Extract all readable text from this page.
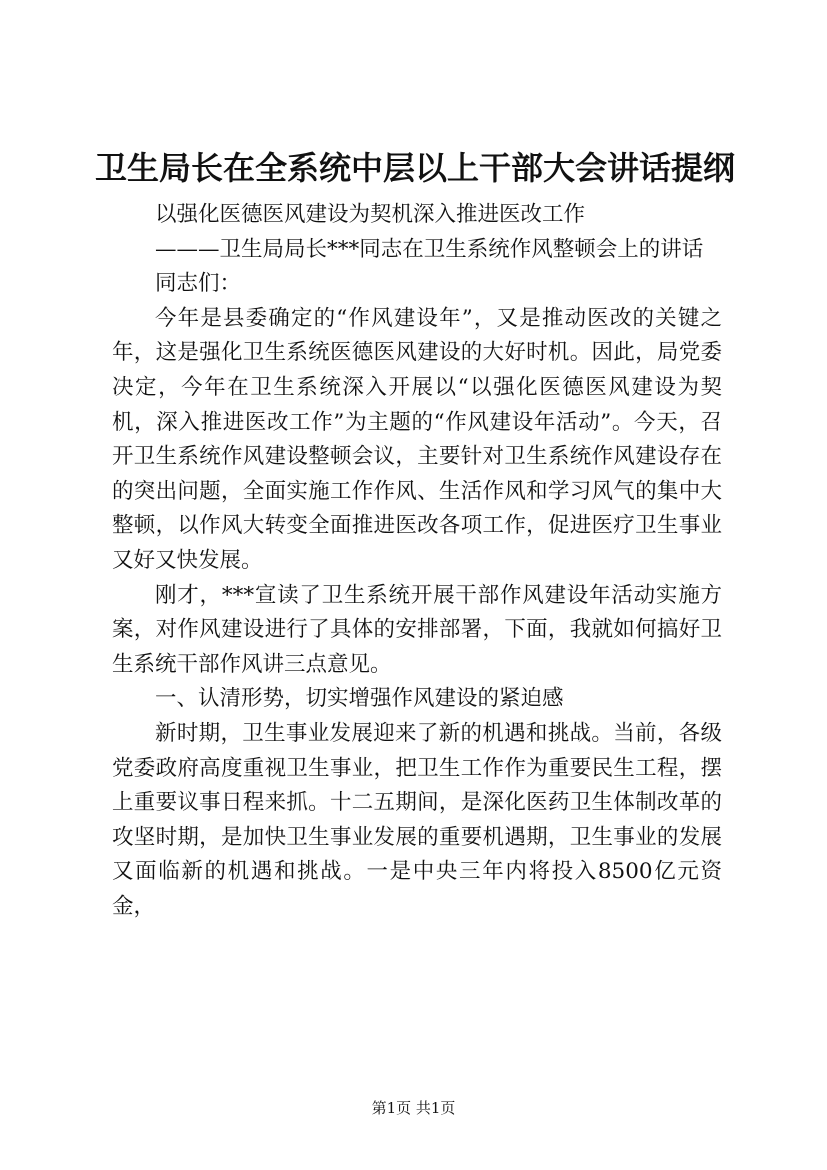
卫生局长在全系统中层以上干部大会讲话提纲

以强化医德医风建设为契机深入推进医改工作

———卫生局局长***同志在卫生系统作风整顿会上的讲话

同志们：

今年是县委确定的“作风建设年”，又是推动医改的关键之年，这是强化卫生系统医德医风建设的大好时机。因此，局党委决定，今年在卫生系统深入开展以“以强化医德医风建设为契机，深入推进医改工作”为主题的“作风建设年活动”。今天，召开卫生系统作风建设整顿会议，主要针对卫生系统作风建设存在的突出问题，全面实施工作作风、生活作风和学习风气的集中大整顿，以作风大转变全面推进医改各项工作，促进医疗卫生事业又好又快发展。

刚才，***宣读了卫生系统开展干部作风建设年活动实施方案，对作风建设进行了具体的安排部署，下面，我就如何搞好卫生系统干部作风讲三点意见。

一、认清形势，切实增强作风建设的紧迫感

新时期，卫生事业发展迎来了新的机遇和挑战。当前，各级党委政府高度重视卫生事业，把卫生工作作为重要民生工程，摆上重要议事日程来抓。十二五期间，是深化医药卫生体制改革的攻坚时期，是加快卫生事业发展的重要机遇期，卫生事业的发展又面临新的机遇和挑战。一是中央三年内将投入8500亿元资金，

第1页 共1页
